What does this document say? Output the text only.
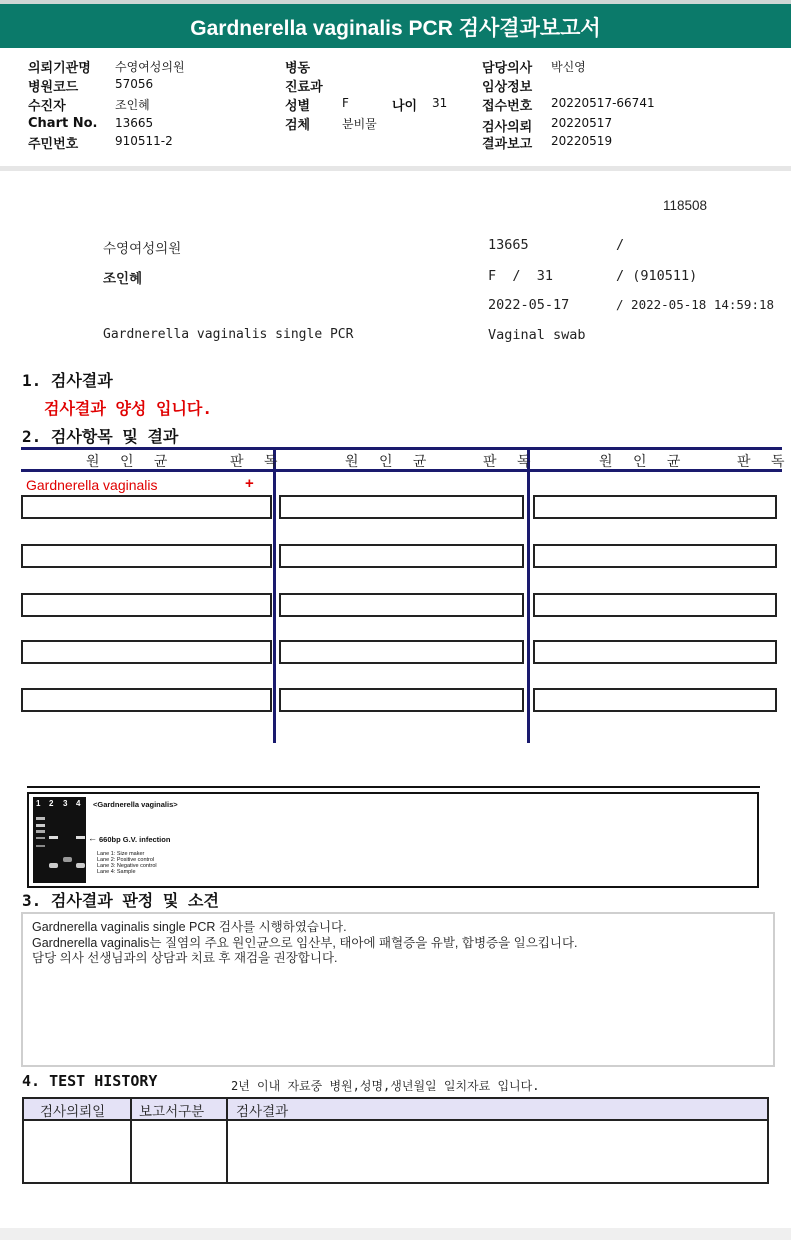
Gardnerella vaginalis PCR 검사결과보고서
의뢰기관명 수영여성의원
병원코드	57056
수진자	조인혜
Chart No. 13665
주민번호	910511-2
병동
진료과
성별	F	나이 31
검체	분비물
담당의사 박신영
임상정보
접수번호 20220517-66741
검사의뢰 20220517
결과보고 20220519
118508
수영여성의원	13665	/
조인혜	F  /  31	/ (910511)
2022-05-17	/ 2022-05-18 14:59:18
Gardnerella vaginalis single PCR	Vaginal swab
1. 검사결과
검사결과 양성 입니다.
2. 검사항목 및 결과
원 인 균	판 독	원 인 균	판 독	원 인 균	판 독
Gardnerella vaginalis	+
1 2 3 4 <Gardnerella vaginalis>
← 660bp G.V. infection
Lane 1: Size maker
Lane 2: Positive control
Lane 3: Negative control
Lane 4: Sample
3. 검사결과 판정 및 소견
Gardnerella vaginalis single PCR 검사를 시행하였습니다.
Gardnerella vaginalis는 질염의 주요 원인균으로 임산부, 태아에 패혈증을 유발, 합병증을 일으킵니다.
담당 의사 선생님과의 상담과 치료 후 재검을 권장합니다.
4. TEST HISTORY	2년 이내 자료중 병원,성명,생년월일 일치자료 입니다.
검사의뢰일	보고서구분 검사결과
